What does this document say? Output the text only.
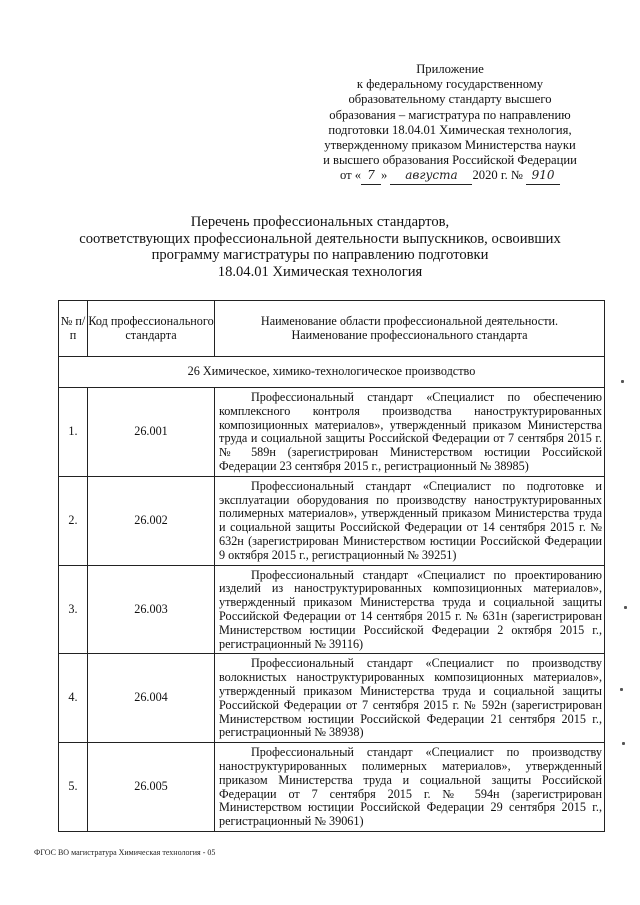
Приложение
к федеральному государственному
образовательному стандарту высшего
образования – магистратура по направлению
подготовки 18.04.01 Химическая технология,
утвержденному приказом Министерства науки
и высшего образования Российской Федерации
от « 7 » августа 2020 г. № 910
Перечень профессиональных стандартов,
соответствующих профессиональной деятельности выпускников, освоивших
программу магистратуры по направлению подготовки
18.04.01 Химическая технология
№ п/п	Код профессионального стандарта	Наименование области профессиональной деятельности. Наименование профессионального стандарта
26 Химическое, химико-технологическое производство		
1.	26.001	Профессиональный стандарт «Специалист по обеспечению комплексного контроля производства наноструктурированных композиционных материалов», утвержденный приказом Министерства труда и социальной защиты Российской Федерации от 7 сентября 2015 г. № 589н (зарегистрирован Министерством юстиции Российской Федерации 23 сентября 2015 г., регистрационный № 38985)
2.	26.002	Профессиональный стандарт «Специалист по подготовке и эксплуатации оборудования по производству наноструктурированных полимерных материалов», утвержденный приказом Министерства труда и социальной защиты Российской Федерации от 14 сентября 2015 г. № 632н (зарегистрирован Министерством юстиции Российской Федерации 9 октября 2015 г., регистрационный № 39251)
3.	26.003	Профессиональный стандарт «Специалист по проектированию изделий из наноструктурированных композиционных материалов», утвержденный приказом Министерства труда и социальной защиты Российской Федерации от 14 сентября 2015 г. № 631н (зарегистрирован Министерством юстиции Российской Федерации 2 октября 2015 г., регистрационный № 39116)
4.	26.004	Профессиональный стандарт «Специалист по производству волокнистых наноструктурированных композиционных материалов», утвержденный приказом Министерства труда и социальной защиты Российской Федерации от 7 сентября 2015 г. № 592н (зарегистрирован Министерством юстиции Российской Федерации 21 сентября 2015 г., регистрационный № 38938)
5.	26.005	Профессиональный стандарт «Специалист по производству наноструктурированных полимерных материалов», утвержденный приказом Министерства труда и социальной защиты Российской Федерации от 7 сентября 2015 г. № 594н (зарегистрирован Министерством юстиции Российской Федерации 29 сентября 2015 г., регистрационный № 39061)
ФГОС ВО магистратура Химическая технология - 05
